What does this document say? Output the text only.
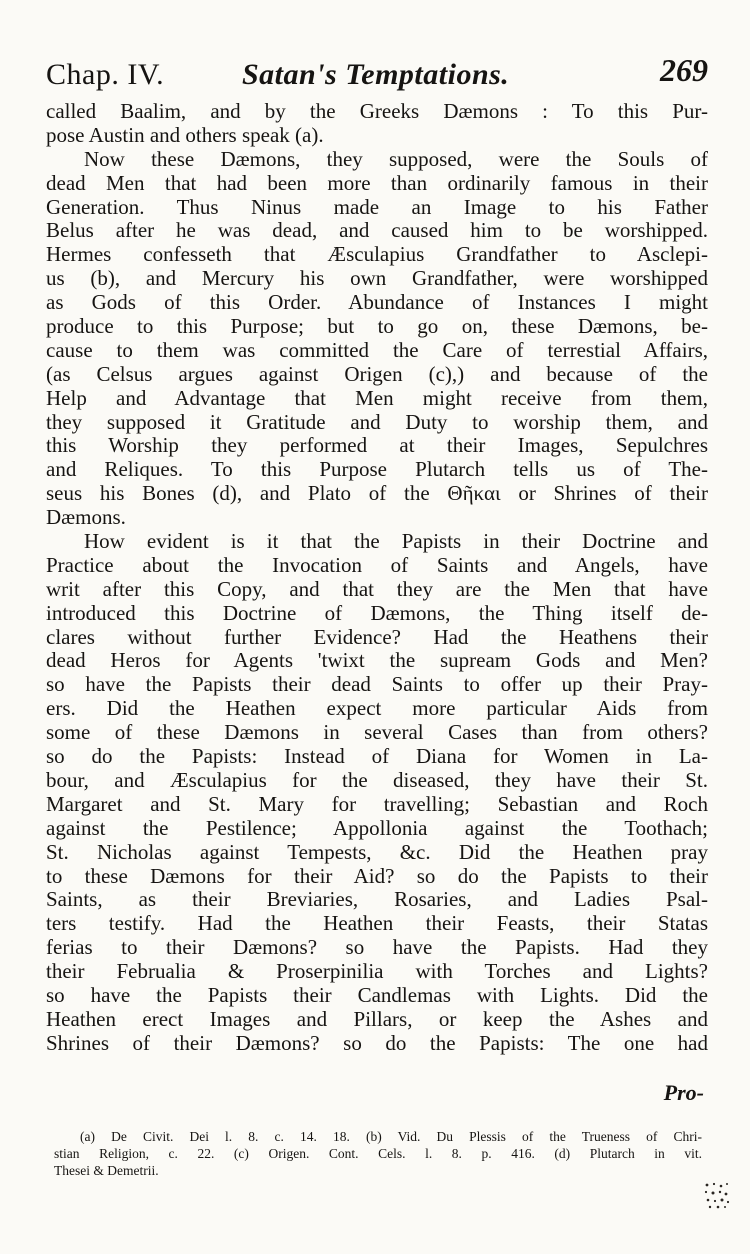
Chap. IV.	Satan's Temptations.	269
called Baalim, and by the Greeks Dæmons : To this Pur-
pose Austin and others speak (a).
Now these Dæmons, they supposed, were the Souls of
dead Men that had been more than ordinarily famous in their
Generation. Thus Ninus made an Image to his Father
Belus after he was dead, and caused him to be worshipped.
Hermes confesseth that Æsculapius Grandfather to Asclepi-
us (b), and Mercury his own Grandfather, were worshipped
as Gods of this Order. Abundance of Instances I might
produce to this Purpose; but to go on, these Dæmons, be-
cause to them was committed the Care of terrestial Affairs,
(as Celsus argues against Origen (c),) and because of the
Help and Advantage that Men might receive from them,
they supposed it Gratitude and Duty to worship them, and
this Worship they performed at their Images, Sepulchres
and Reliques. To this Purpose Plutarch tells us of The-
seus his Bones (d), and Plato of the Θῆκαι or Shrines of their
Dæmons.
How evident is it that the Papists in their Doctrine and
Practice about the Invocation of Saints and Angels, have
writ after this Copy, and that they are the Men that have
introduced this Doctrine of Dæmons, the Thing itself de-
clares without further Evidence? Had the Heathens their
dead Heros for Agents 'twixt the supream Gods and Men?
so have the Papists their dead Saints to offer up their Pray-
ers. Did the Heathen expect more particular Aids from
some of these Dæmons in several Cases than from others?
so do the Papists: Instead of Diana for Women in La-
bour, and Æsculapius for the diseased, they have their St.
Margaret and St. Mary for travelling; Sebastian and Roch
against the Pestilence; Appollonia against the Toothach;
St. Nicholas against Tempests, &c. Did the Heathen pray
to these Dæmons for their Aid? so do the Papists to their
Saints, as their Breviaries, Rosaries, and Ladies Psal-
ters testify. Had the Heathen their Feasts, their Statas
ferias to their Dæmons? so have the Papists. Had they
their Februalia & Proserpinilia with Torches and Lights?
so have the Papists their Candlemas with Lights. Did the
Heathen erect Images and Pillars, or keep the Ashes and
Shrines of their Dæmons? so do the Papists: The one had
Pro-
(a) De Civit. Dei l. 8. c. 14. 18. (b) Vid. Du Plessis of the Trueness of Chri-
stian Religion, c. 22. (c) Origen. Cont. Cels. l. 8. p. 416. (d) Plutarch in vit.
Thesei & Demetrii.
